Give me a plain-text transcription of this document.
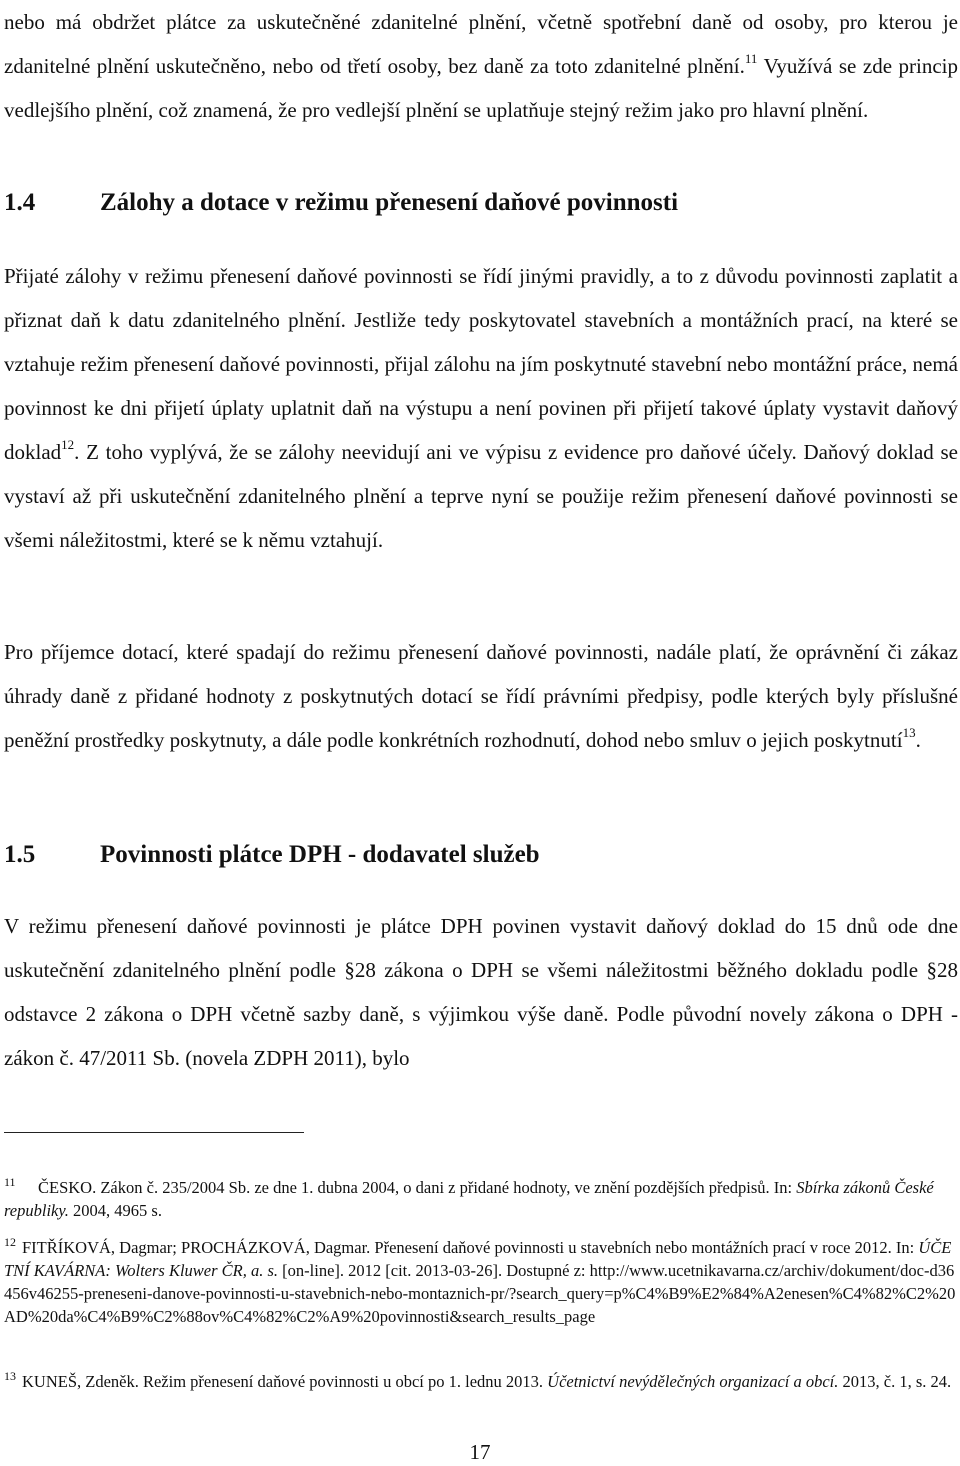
nebo má obdržet plátce za uskutečněné zdanitelné plnění, včetně spotřební daně od osoby, pro kterou je zdanitelné plnění uskutečněno, nebo od třetí osoby, bez daně za toto zdanitelné plnění.$^{11}$ Využívá se zde princip vedlejšího plnění, což znamená, že pro vedlejší plnění se uplatňuje stejný režim jako pro hlavní plnění.

1.4	Zálohy a dotace v režimu přenesení daňové povinnosti

Přijaté zálohy v režimu přenesení daňové povinnosti se řídí jinými pravidly, a to z důvodu povinnosti zaplatit a přiznat daň k datu zdanitelného plnění. Jestliže tedy poskytovatel stavebních a montážních prací, na které se vztahuje režim přenesení daňové povinnosti, přijal zálohu na jím poskytnuté stavební nebo montážní práce, nemá povinnost ke dni přijetí úplaty uplatnit daň na výstupu a není povinen při přijetí takové úplaty vystavit daňový doklad$^{12}$. Z toho vyplývá, že se zálohy neevidují ani ve výpisu z evidence pro daňové účely. Daňový doklad se vystaví až při uskutečnění zdanitelného plnění a teprve nyní se použije režim přenesení daňové povinnosti se všemi náležitostmi, které se k němu vztahují.

Pro příjemce dotací, které spadají do režimu přenesení daňové povinnosti, nadále platí, že oprávnění či zákaz úhrady daně z přidané hodnoty z poskytnutých dotací se řídí právními předpisy, podle kterých byly příslušné peněžní prostředky poskytnuty, a dále podle konkrétních rozhodnutí, dohod nebo smluv o jejich poskytnutí$^{13}$.

1.5	Povinnosti plátce DPH - dodavatel služeb

V režimu přenesení daňové povinnosti je plátce DPH povinen vystavit daňový doklad do 15 dnů ode dne uskutečnění zdanitelného plnění podle §28 zákona o DPH se všemi náležitostmi běžného dokladu podle §28 odstavce 2 zákona o DPH včetně sazby daně, s výjimkou výše daně. Podle původní novely zákona o DPH - zákon č. 47/2011 Sb. (novela ZDPH 2011), bylo

11	ČESKO. Zákon č. 235/2004 Sb. ze dne 1. dubna 2004, o dani z přidané hodnoty, ve znění pozdějších předpisů. In: Sbírka zákonů České republiky. 2004, 4965 s.
12 FITŘÍKOVÁ, Dagmar; PROCHÁZKOVÁ, Dagmar. Přenesení daňové povinnosti u stavebních nebo montážních prací v roce 2012. In: ÚČETNÍ KAVÁRNA: Wolters Kluwer ČR, a. s. [on-line]. 2012 [cit. 2013-03-26]. Dostupné z: http://www.ucetnikavarna.cz/archiv/dokument/doc-d36456v46255-preneseni-danove-povinnosti-u-stavebnich-nebo-montaznich-pr/?search_query=p%C4%B9%E2%84%A2enesen%C4%82%C2%20AD%20da%C4%B9%C2%88ov%C4%82%C2%A9%20povinnosti&search_results_page
13 KUNEŠ, Zdeněk. Režim přenesení daňové povinnosti u obcí po 1. lednu 2013. Účetnictví nevýdělečných organizací a obcí. 2013, č. 1, s. 24.
17
